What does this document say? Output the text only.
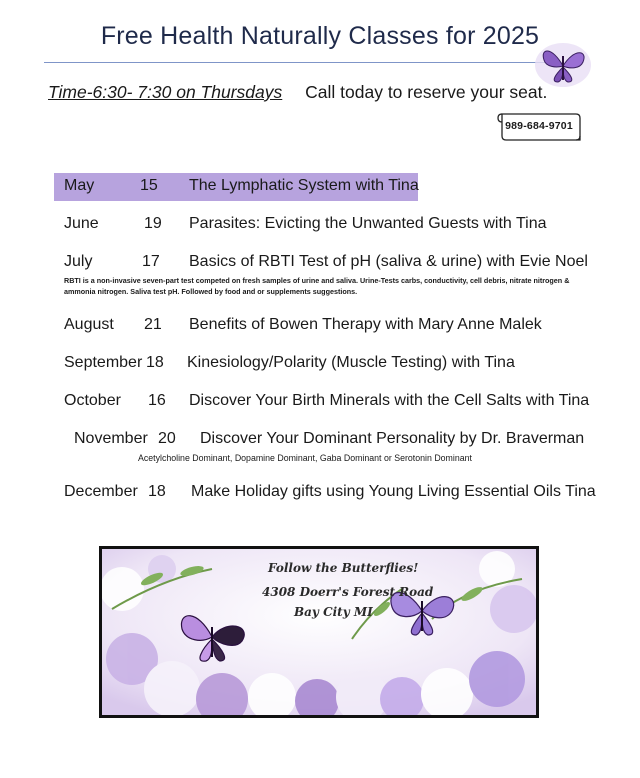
Free Health Naturally Classes for 2025
Time-6:30- 7:30 on Thursdays Call today to reserve your seat.
989-684-9701
May	15 The Lymphatic System with Tina
June	19 Parasites: Evicting the Unwanted Guests with Tina
July	17 Basics of RBTI Test of pH (saliva & urine) with Evie Noel
RBTI is a non-invasive seven-part test competed on fresh samples of urine and saliva. Urine-Tests carbs, conductivity, cell debris, nitrate nitrogen & ammonia nitrogen. Saliva test pH. Followed by food and or supplements suggestions.
August 21 Benefits of Bowen Therapy with Mary Anne Malek
September 18 Kinesiology/Polarity (Muscle Testing) with Tina
October 16 Discover Your Birth Minerals with the Cell Salts with Tina
November 20 Discover Your Dominant Personality by Dr. Braverman
Acetylcholine Dominant, Dopamine Dominant, Gaba Dominant or Serotonin Dominant
December 18 Make Holiday gifts using Young Living Essential Oils Tina
Follow the Butterflies!
4308 Doerr's Forest Road
Bay City MI
